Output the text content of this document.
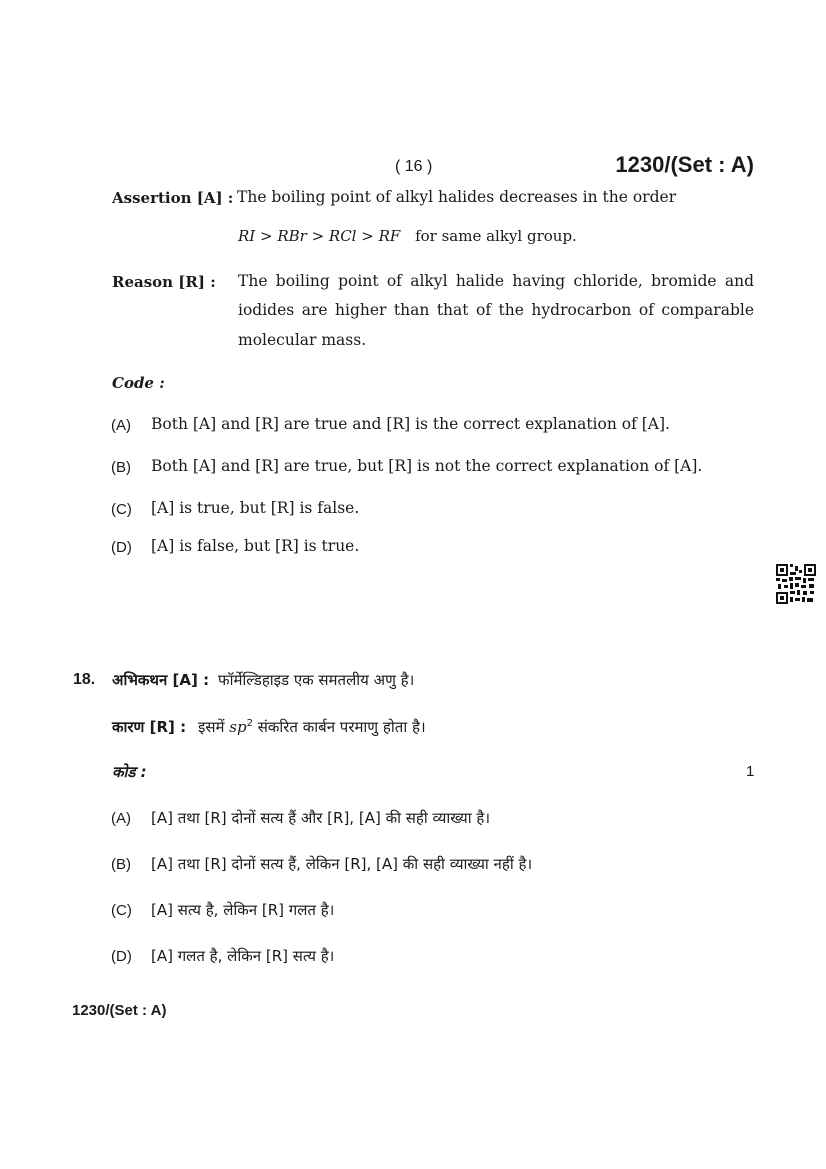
( 16 )	1230/(Set : A)
Assertion [A] : The boiling point of alkyl halides decreases in the order
RI > RBr > RCl > RF for same alkyl group.
Reason [R] : The boiling point of alkyl halide having chloride, bromide and
iodides are higher than that of the hydrocarbon of comparable
molecular mass.
Code :
(A) Both [A] and [R] are true and [R] is the correct explanation of [A].
(B) Both [A] and [R] are true, but [R] is not the correct explanation of [A].
(C) [A] is true, but [R] is false.
(D) [A] is false, but [R] is true.
18. अभिकथन [A] : फॉर्मेल्डिहाइड एक समतलीय अणु है।
कारण [R] : इसमें $sp^2$ संकरित कार्बन परमाणु होता है।
कोड :	1
(A) [A] तथा [R] दोनों सत्य हैं और [R], [A] की सही व्याख्या है।
(B) [A] तथा [R] दोनों सत्य हैं, लेकिन [R], [A] की सही व्याख्या नहीं है।
(C) [A] सत्य है, लेकिन [R] गलत है।
(D) [A] गलत है, लेकिन [R] सत्य है।
1230/(Set : A)
